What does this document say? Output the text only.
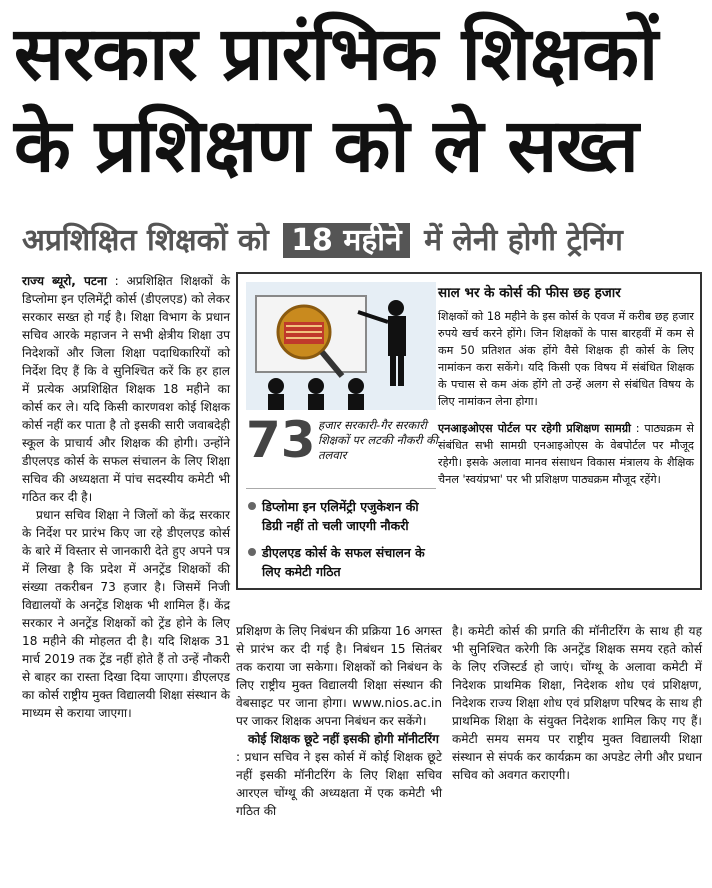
सरकार प्रारंभिक शिक्षकों के प्रशिक्षण को ले सख्त
अप्रशिक्षित शिक्षकों को 18 महीने में लेनी होगी ट्रेनिंग

राज्य ब्यूरो, पटना : अप्रशिक्षित शिक्षकों के डिप्लोमा इन एलिमेंट्री कोर्स (डीएलएड) को लेकर सरकार सख्त हो गई है। शिक्षा विभाग के प्रधान सचिव आरके महाजन ने सभी क्षेत्रीय शिक्षा उप निदेशकों और जिला शिक्षा पदाधिकारियों को निर्देश दिए हैं कि वे सुनिश्चित करें कि हर हाल में प्रत्येक अप्रशिक्षित शिक्षक 18 महीने का कोर्स कर ले। यदि किसी कारणवश कोई शिक्षक कोर्स नहीं कर पाता है तो इसकी सारी जवाबदेही स्कूल के प्राचार्य और शिक्षक की होगी। उन्होंने डीएलएड कोर्स के सफल संचालन के लिए शिक्षा सचिव की अध्यक्षता में पांच सदस्यीय कमेटी भी गठित कर दी है।

प्रधान सचिव शिक्षा ने जिलों को केंद्र सरकार के निर्देश पर प्रारंभ किए जा रहे डीएलएड कोर्स के बारे में विस्तार से जानकारी देते हुए अपने पत्र में लिखा है कि प्रदेश में अनट्रेंड शिक्षकों की संख्या तकरीबन 73 हजार है। जिसमें निजी विद्यालयों के अनट्रेंड शिक्षक भी शामिल हैं। केंद्र सरकार ने अनट्रेंड शिक्षकों को ट्रेंड होने के लिए 18 महीने की मोहलत दी है। यदि शिक्षक 31 मार्च 2019 तक ट्रेंड नहीं होते हैं तो उन्हें नौकरी से बाहर का रास्ता दिखा दिया जाएगा। डीएलएड का कोर्स राष्ट्रीय मुक्त विद्यालयी शिक्षा संस्थान के माध्यम से कराया जाएगा।

73 हजार सरकारी-गैर सरकारी शिक्षकों पर लटकी नौकरी की तलवार
डिप्लोमा इन एलिमेंट्री एजुकेशन की डिग्री नहीं तो चली जाएगी नौकरी
डीएलएड कोर्स के सफल संचालन के लिए कमेटी गठित
साल भर के कोर्स की फीस छह हजार

शिक्षकों को 18 महीने के इस कोर्स के एवज में करीब छह हजार रुपये खर्च करने होंगे। जिन शिक्षकों के पास बारहवीं में कम से कम 50 प्रतिशत अंक होंगे वैसे शिक्षक ही कोर्स के लिए नामांकन करा सकेंगे। यदि किसी एक विषय में संबंधित शिक्षक के पचास से कम अंक होंगे तो उन्हें अलग से संबंधित विषय के लिए नामांकन लेना होगा।

एनआइओएस पोर्टल पर रहेगी प्रशिक्षण सामग्री : पाठ्यक्रम से संबंधित सभी सामग्री एनआइओएस के वेबपोर्टल पर मौजूद रहेगी। इसके अलावा मानव संसाधन विकास मंत्रालय के शैक्षिक चैनल 'स्वयंप्रभा' पर भी प्रशिक्षण पाठ्यक्रम मौजूद रहेंगे।

प्रशिक्षण के लिए निबंधन की प्रक्रिया 16 अगस्त से प्रारंभ कर दी गई है। निबंधन 15 सितंबर तक कराया जा सकेगा। शिक्षकों को निबंधन के लिए राष्ट्रीय मुक्त विद्यालयी शिक्षा संस्थान की वेबसाइट पर जाना होगा। www.nios.ac.in पर जाकर शिक्षक अपना निबंधन कर सकेंगे।

कोई शिक्षक छूटे नहीं इसकी होगी मॉनीटरिंग

: प्रधान सचिव ने इस कोर्स में कोई शिक्षक छूटे नहीं इसकी मॉनीटरिंग के लिए शिक्षा सचिव आरएल चोंग्थू की अध्यक्षता में एक कमेटी भी गठित की

है। कमेटी कोर्स की प्रगति की मॉनीटरिंग के साथ ही यह भी सुनिश्चित करेगी कि अनट्रेंड शिक्षक समय रहते कोर्स के लिए रजिस्टर्ड हो जाएं। चोंग्थू के अलावा कमेटी में निदेशक प्राथमिक शिक्षा, निदेशक शोध एवं प्रशिक्षण, निदेशक राज्य शिक्षा शोध एवं प्रशिक्षण परिषद के साथ ही प्राथमिक शिक्षा के संयुक्त निदेशक शामिल किए गए हैं। कमेटी समय समय पर राष्ट्रीय मुक्त विद्यालयी शिक्षा संस्थान से संपर्क कर कार्यक्रम का अपडेट लेगी और प्रधान सचिव को अवगत कराएगी।
